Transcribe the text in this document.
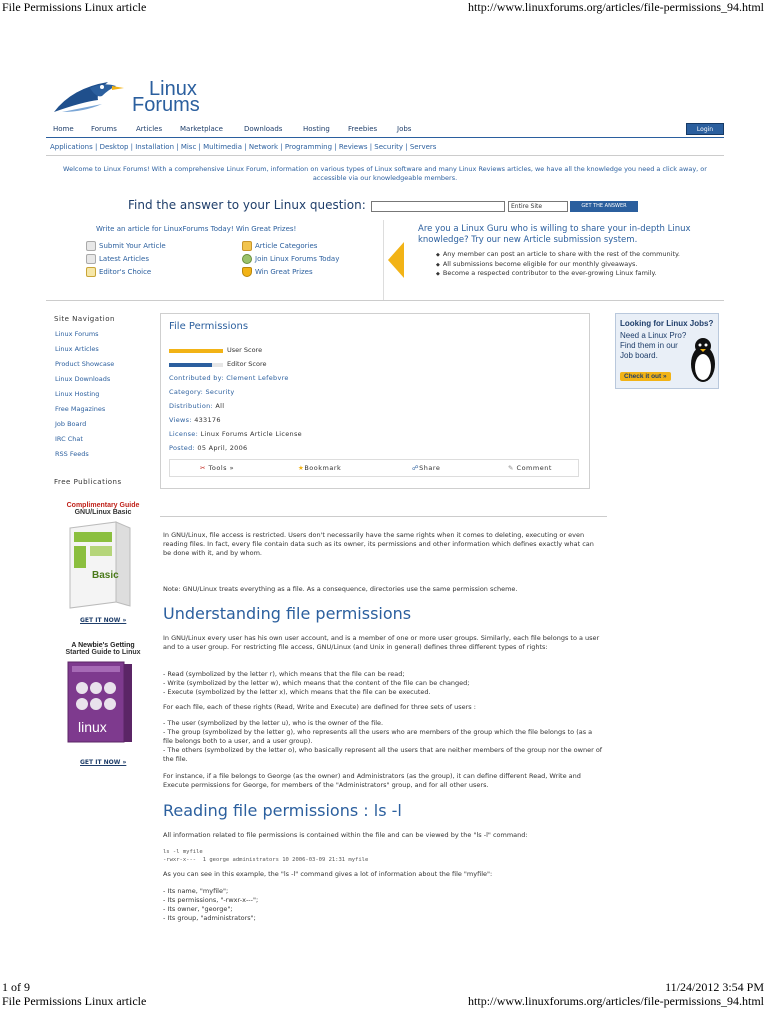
File Permissions Linux article	http://www.linuxforums.org/articles/file-permissions_94.html
Linux
Forums
Home Forums	Articles	Marketplace	Downloads	Hosting	Freebies	Jobs	Login
Applications | Desktop | Installation | Misc | Multimedia | Network | Programming | Reviews | Security | Servers
Welcome to Linux Forums! With a comprehensive Linux Forum, information on various types of Linux software and many Linux Reviews articles, we have all the knowledge you need a click away, or accessible via our knowledgeable members.
Find the answer to your Linux question:	Entire Site	GET THE ANSWER
Write an article for LinuxForums Today! Win Great Prizes!
Submit Your Article
Latest Articles
Editor's Choice
Article Categories
Join Linux Forums Today
Win Great Prizes
Are you a Linux Guru who is willing to share your in-depth Linux knowledge? Try our new Article submission system.
◆ Any member can post an article to share with the rest of the community.
◆ All submissions become eligible for our monthly giveaways.
◆ Become a respected contributor to the ever-growing Linux family.
Site Navigation
Linux Forums
Linux Articles
Product Showcase
Linux Downloads
Linux Hosting
Free Magazines
Job Board
IRC Chat
RSS Feeds
Free Publications
Complimentary Guide
GNU/Linux Basic
Basic
GET IT NOW »
A Newbie's Getting
Started Guide to Linux
linux
GET IT NOW »
File Permissions
User Score
Editor Score
Contributed by: Clement Lefebvre
Category: Security
Distribution: All
Views: 433176
License: Linux Forums Article License
Posted: 05 April, 2006
✂ Tools »	★Bookmark	☍Share	✎ Comment
Looking for Linux Jobs?
Need a Linux Pro? Find them in our Job board.
Check it out »
In GNU/Linux, file access is restricted. Users don't necessarily have the same rights when it comes to deleting, executing or even reading files. In fact, every file contain data such as its owner, its permissions and other information which defines exactly what can be done with it, and by whom.
Note: GNU/Linux treats everything as a file. As a consequence, directories use the same permission scheme.
Understanding file permissions
In GNU/Linux every user has his own user account, and is a member of one or more user groups. Similarly, each file belongs to a user and to a user group. For restricting file access, GNU/Linux (and Unix in general) defines three different types of rights:
- Read (symbolized by the letter r), which means that the file can be read;
- Write (symbolized by the letter w), which means that the content of the file can be changed;
- Execute (symbolized by the letter x), which means that the file can be executed.
For each file, each of these rights (Read, Write and Execute) are defined for three sets of users :
- The user (symbolized by the letter u), who is the owner of the file.
- The group (symbolized by the letter g), who represents all the users who are members of the group which the file belongs to (as a file belongs both to a user, and a user group).
- The others (symbolized by the letter o), who basically represent all the users that are neither members of the group nor the owner of the file.
For instance, if a file belongs to George (as the owner) and Administrators (as the group), it can define different Read, Write and Execute permissions for George, for members of the "Administrators" group, and for all other users.
Reading file permissions : ls -l
All information related to file permissions is contained within the file and can be viewed by the "ls -l" command:
ls -l myfile
-rwxr-x---  1 george administrators 10 2006-03-09 21:31 myfile
As you can see in this example, the "ls -l" command gives a lot of information about the file "myfile":
- Its name, "myfile";
- Its permissions, "-rwxr-x---";
- Its owner, "george";
- Its group, "administrators";
1 of 9	11/24/2012 3:54 PM
File Permissions Linux article	http://www.linuxforums.org/articles/file-permissions_94.html
